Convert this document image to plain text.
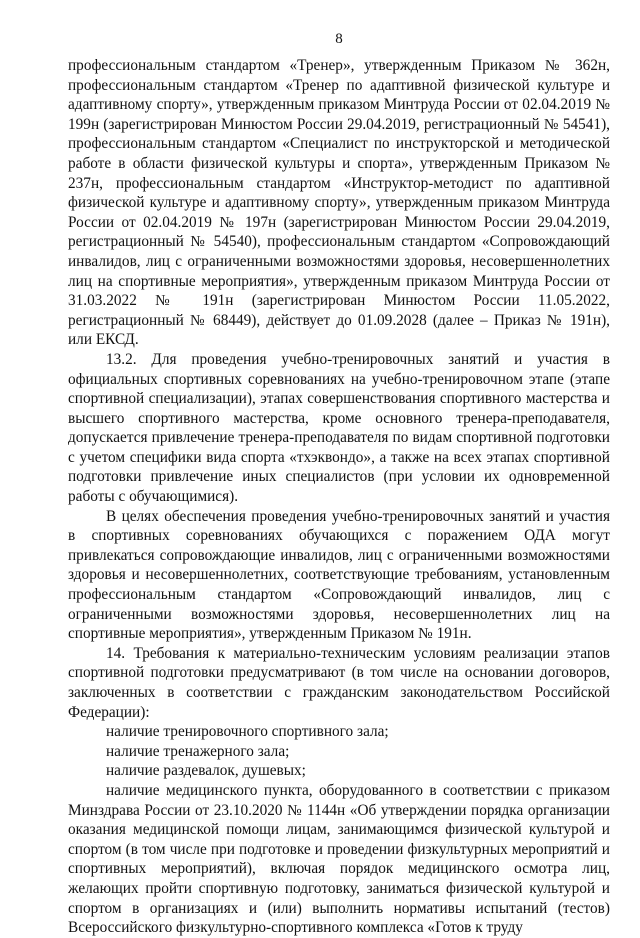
8

профессиональным стандартом «Тренер», утвержденным Приказом № 362н, профессиональным стандартом «Тренер по адаптивной физической культуре и адаптивному спорту», утвержденным приказом Минтруда России от 02.04.2019 № 199н (зарегистрирован Минюстом России 29.04.2019, регистрационный № 54541), профессиональным стандартом «Специалист по инструкторской и методической работе в области физической культуры и спорта», утвержденным Приказом № 237н, профессиональным стандартом «Инструктор-методист по адаптивной физической культуре и адаптивному спорту», утвержденным приказом Минтруда России от 02.04.2019 № 197н (зарегистрирован Минюстом России 29.04.2019, регистрационный № 54540), профессиональным стандартом «Сопровождающий инвалидов, лиц с ограниченными возможностями здоровья, несовершеннолетних лиц на спортивные мероприятия», утвержденным приказом Минтруда России от 31.03.2022 № 191н (зарегистрирован Минюстом России 11.05.2022, регистрационный № 68449), действует до 01.09.2028 (далее – Приказ № 191н), или ЕКСД.

13.2. Для проведения учебно-тренировочных занятий и участия в официальных спортивных соревнованиях на учебно-тренировочном этапе (этапе спортивной специализации), этапах совершенствования спортивного мастерства и высшего спортивного мастерства, кроме основного тренера-преподавателя, допускается привлечение тренера-преподавателя по видам спортивной подготовки с учетом специфики вида спорта «тхэквондо», а также на всех этапах спортивной подготовки привлечение иных специалистов (при условии их одновременной работы с обучающимися).

В целях обеспечения проведения учебно-тренировочных занятий и участия в спортивных соревнованиях обучающихся с поражением ОДА могут привлекаться сопровождающие инвалидов, лиц с ограниченными возможностями здоровья и несовершеннолетних, соответствующие требованиям, установленным профессиональным стандартом «Сопровождающий инвалидов, лиц с ограниченными возможностями здоровья, несовершеннолетних лиц на спортивные мероприятия», утвержденным Приказом № 191н.

14. Требования к материально-техническим условиям реализации этапов спортивной подготовки предусматривают (в том числе на основании договоров, заключенных в соответствии с гражданским законодательством Российской Федерации):

наличие тренировочного спортивного зала;

наличие тренажерного зала;

наличие раздевалок, душевых;

наличие медицинского пункта, оборудованного в соответствии с приказом Минздрава России от 23.10.2020 № 1144н «Об утверждении порядка организации оказания медицинской помощи лицам, занимающимся физической культурой и спортом (в том числе при подготовке и проведении физкультурных мероприятий и спортивных мероприятий), включая порядок медицинского осмотра лиц, желающих пройти спортивную подготовку, заниматься физической культурой и спортом в организациях и (или) выполнить нормативы испытаний (тестов) Всероссийского физкультурно-спортивного комплекса «Готов к труду
